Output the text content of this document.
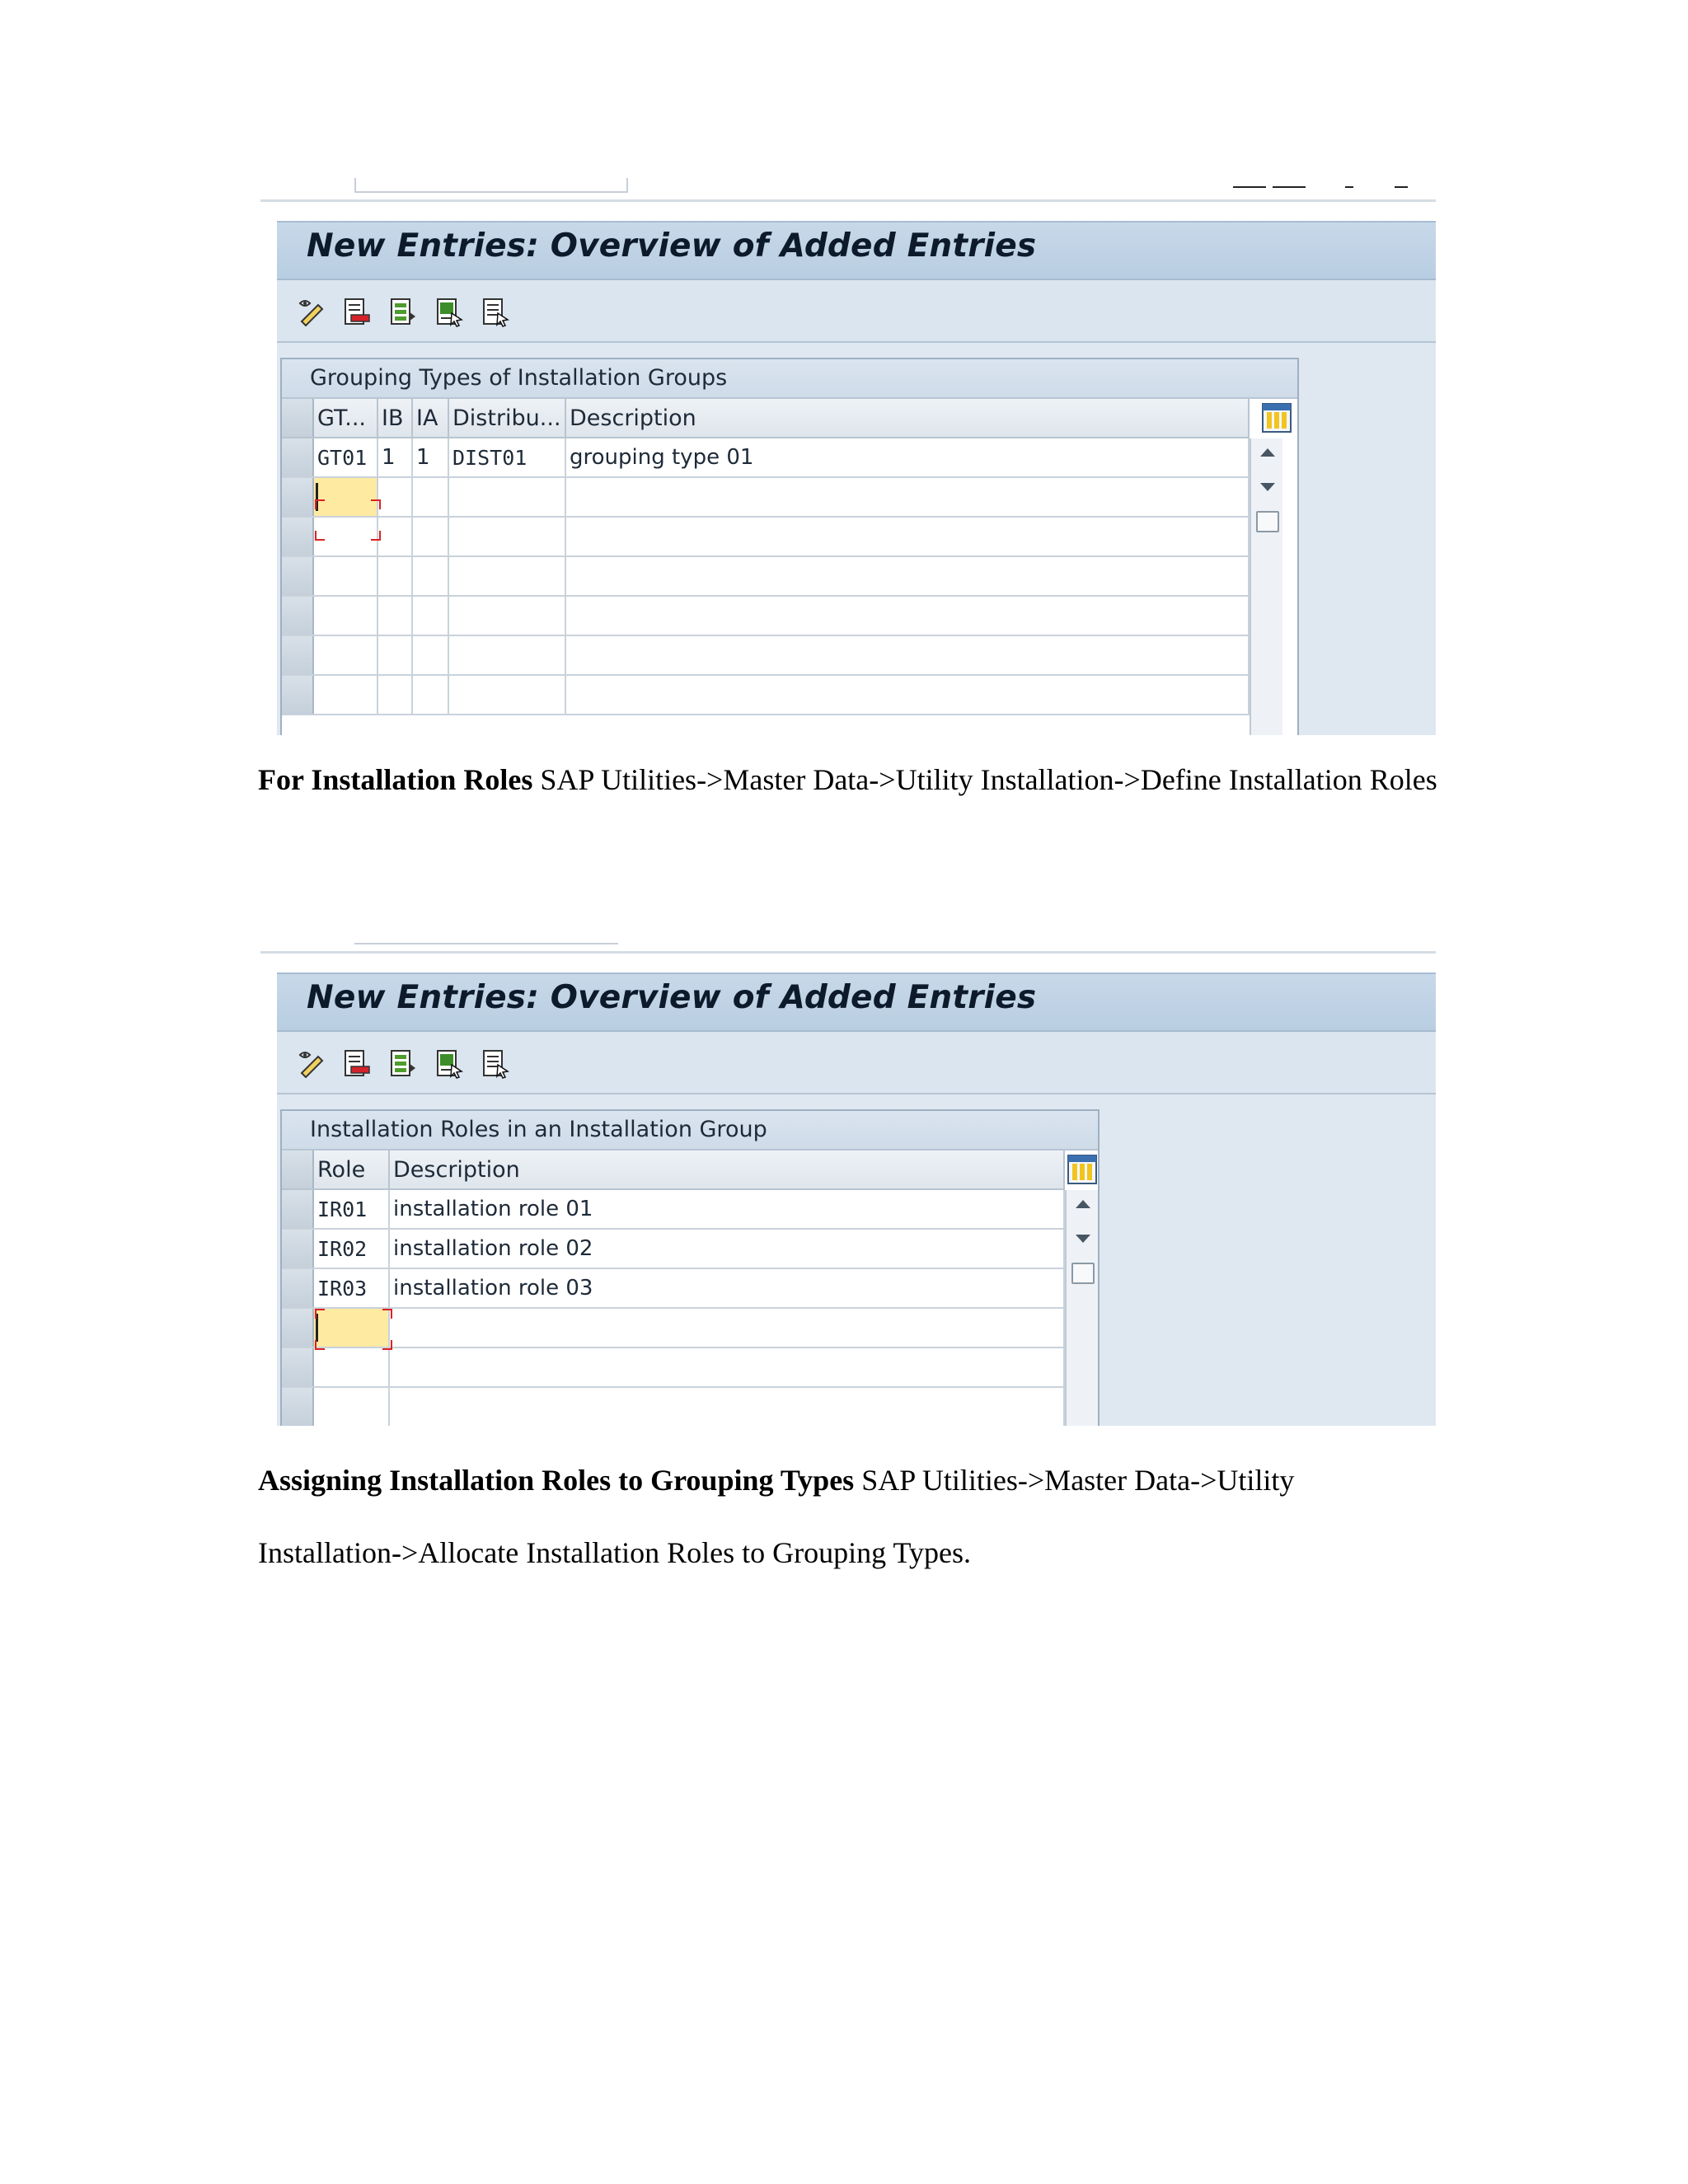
New Entries: Overview of Added Entries
Grouping Types of Installation Groups
	GT...	IB	IA	Distribu...	Description
	GT01	1	1	DIST01	grouping type 01

For Installation Roles SAP Utilities->Master Data->Utility Installation->Define Installation Roles
New Entries: Overview of Added Entries
Installation Roles in an Installation Group
	Role	Description
	IR01	installation role 01
	IR02	installation role 02
	IR03	installation role 03

Assigning Installation Roles to Grouping Types SAP Utilities->Master Data->Utility
Installation->Allocate Installation Roles to Grouping Types.
